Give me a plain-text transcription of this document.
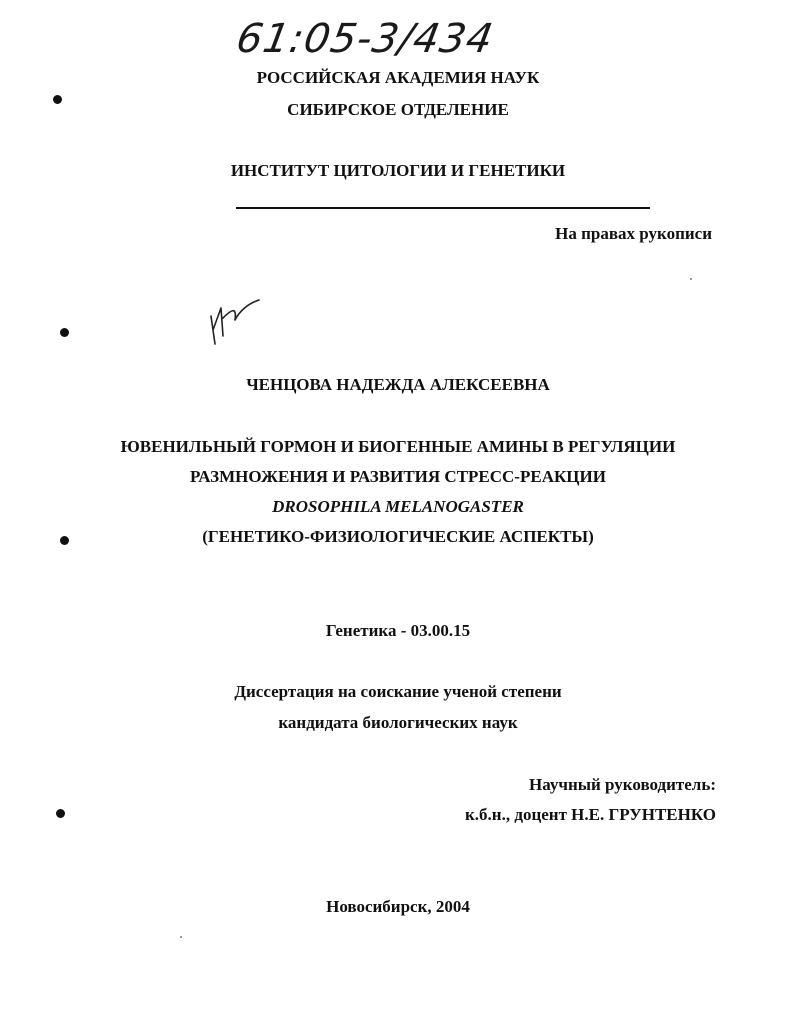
61:05-3/434
РОССИЙСКАЯ АКАДЕМИЯ НАУК
СИБИРСКОЕ ОТДЕЛЕНИЕ
ИНСТИТУТ ЦИТОЛОГИИ И ГЕНЕТИКИ
На правах рукописи
ЧЕНЦОВА НАДЕЖДА АЛЕКСЕЕВНА
ЮВЕНИЛЬНЫЙ ГОРМОН И БИОГЕННЫЕ АМИНЫ В РЕГУЛЯЦИИ
РАЗМНОЖЕНИЯ И РАЗВИТИЯ СТРЕСС-РЕАКЦИИ
DROSOPHILA MELANOGASTER
(ГЕНЕТИКО-ФИЗИОЛОГИЧЕСКИЕ АСПЕКТЫ)
Генетика - 03.00.15
Диссертация на соискание ученой степени
кандидата биологических наук
Научный руководитель:
к.б.н., доцент Н.Е. ГРУНТЕНКО
Новосибирск, 2004
